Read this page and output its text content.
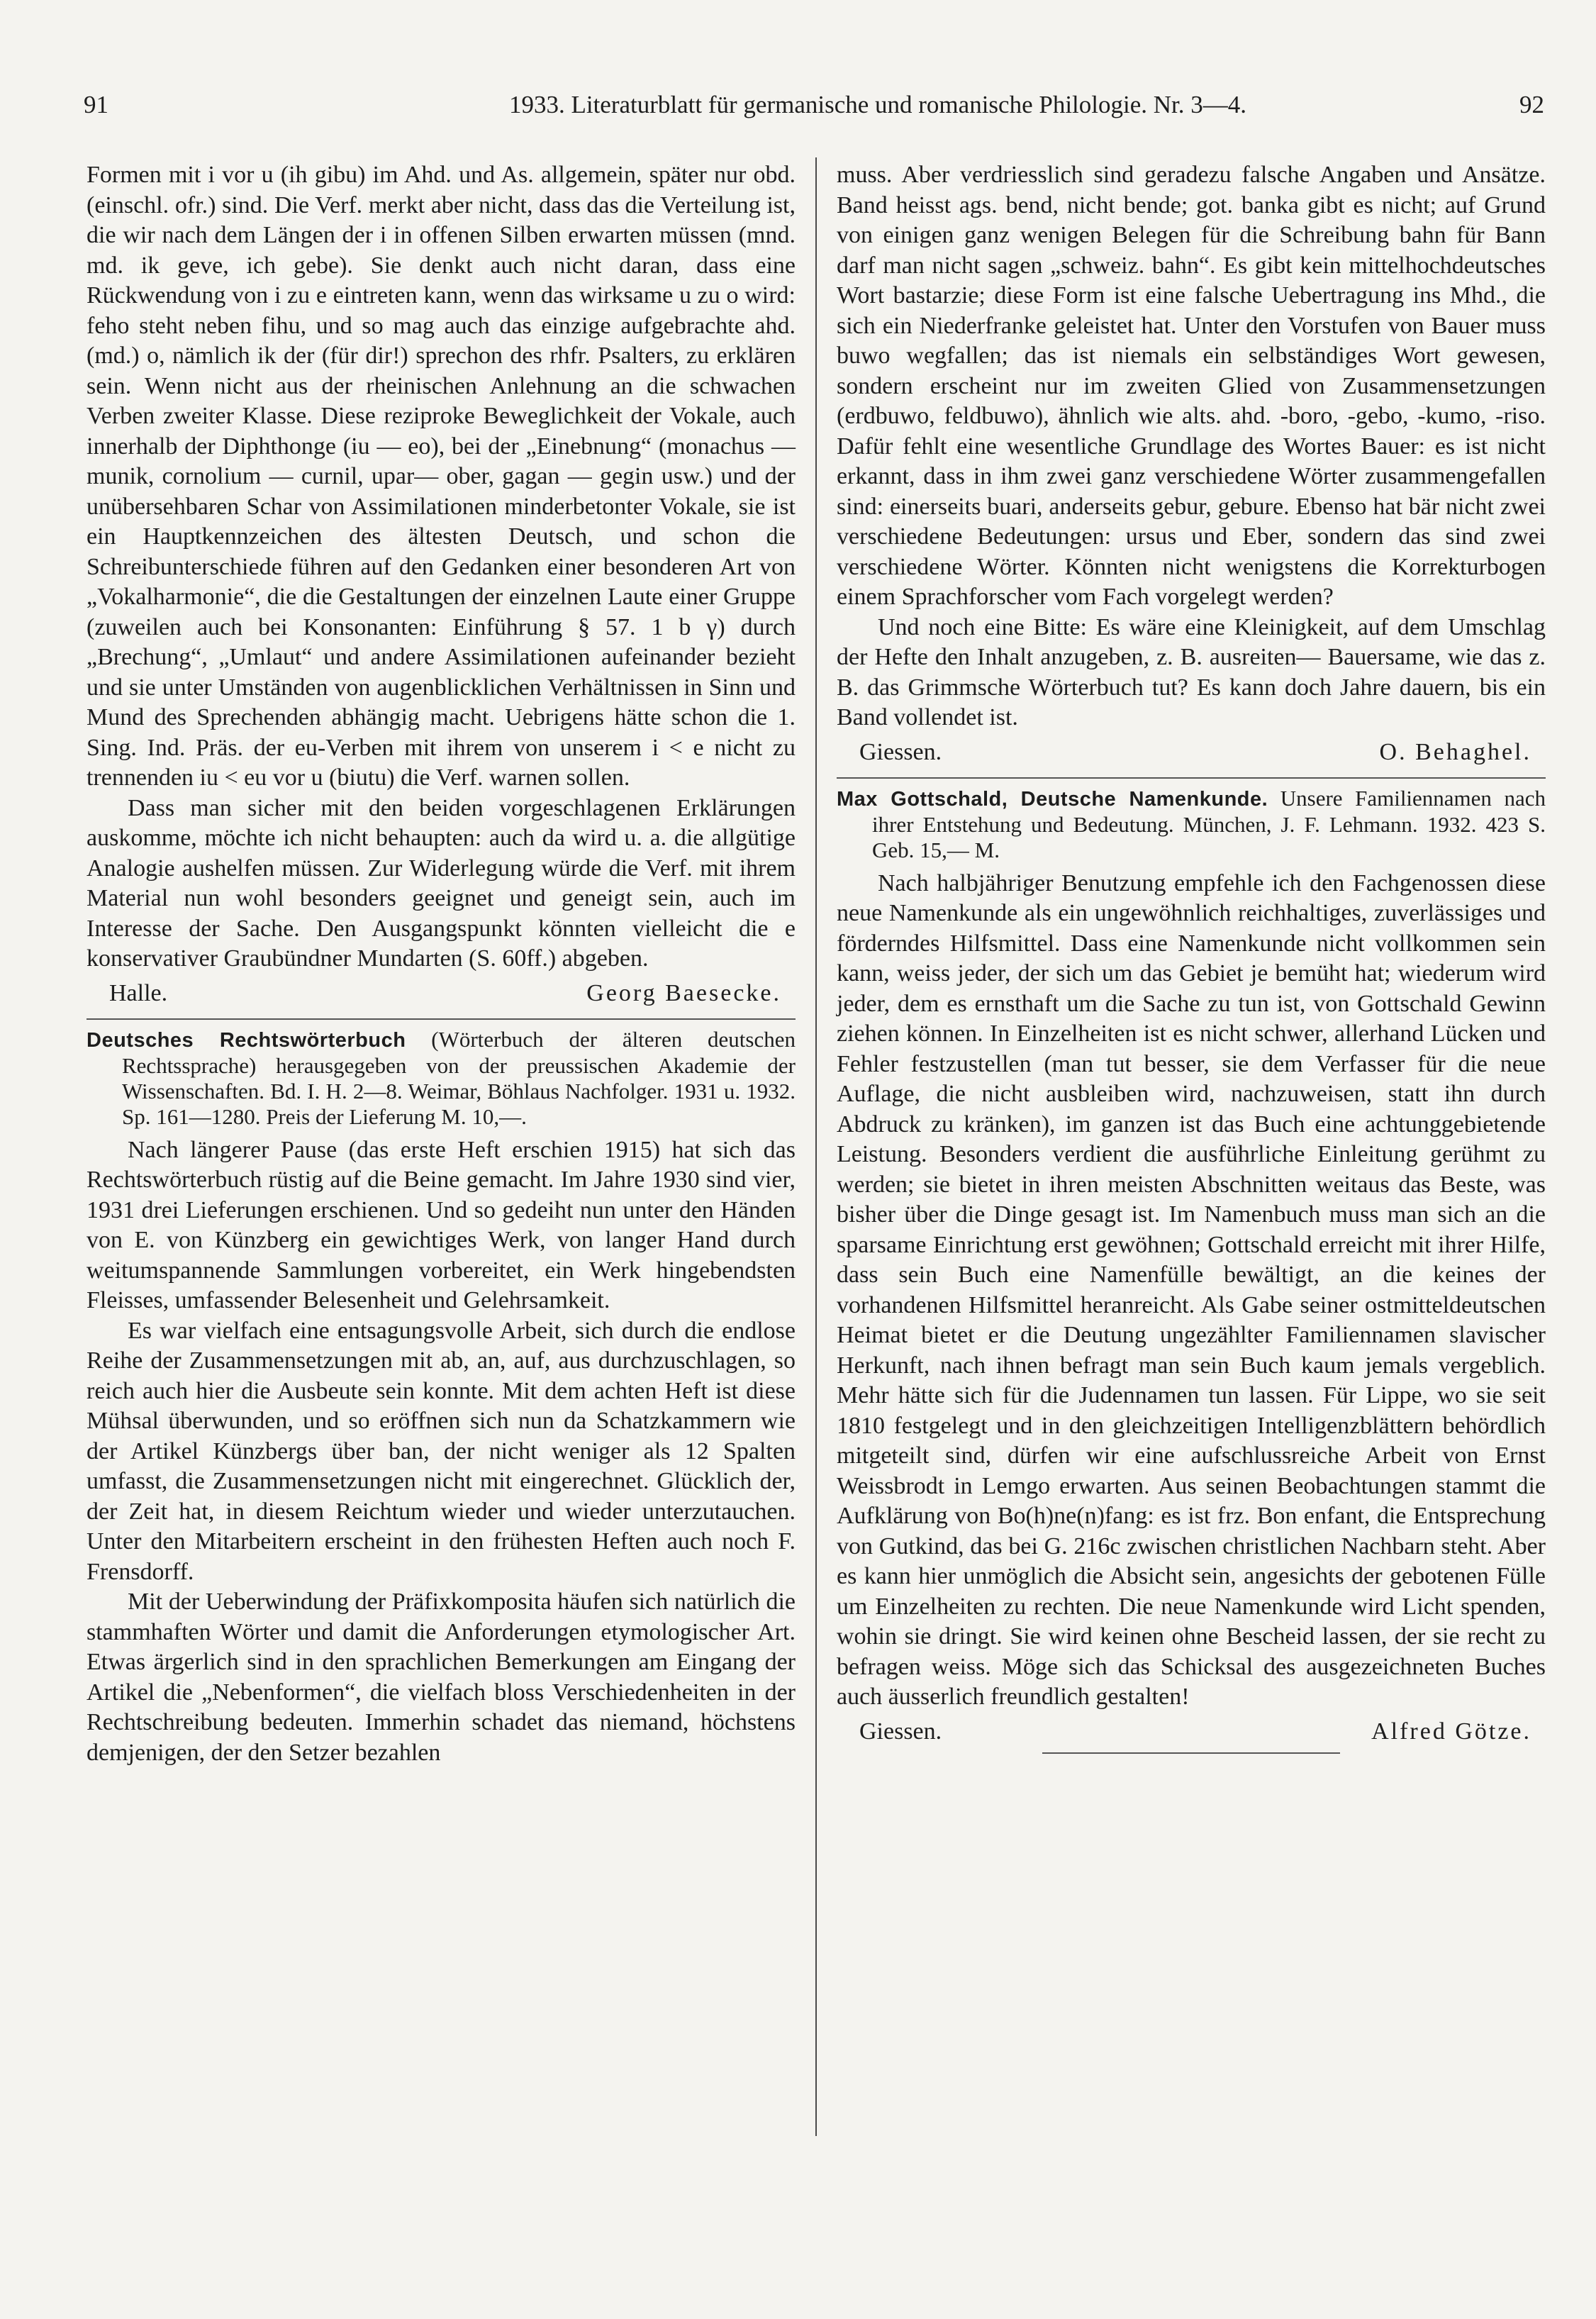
91	1933. Literaturblatt für germanische und romanische Philologie. Nr. 3—4.	92

Formen mit i vor u (ih gibu) im Ahd. und As. allgemein, später nur obd. (einschl. ofr.) sind. Die Verf. merkt aber nicht, dass das die Verteilung ist, die wir nach dem Längen der i in offenen Silben erwarten müssen (mnd. md. ik geve, ich gebe). Sie denkt auch nicht daran, dass eine Rückwendung von i zu e eintreten kann, wenn das wirksame u zu o wird: feho steht neben fihu, und so mag auch das einzige aufgebrachte ahd. (md.) o, nämlich ik der (für dir!) sprechon des rhfr. Psalters, zu erklären sein. Wenn nicht aus der rheinischen Anlehnung an die schwachen Verben zweiter Klasse. Diese reziproke Beweglichkeit der Vokale, auch innerhalb der Diphthonge (iu — eo), bei der „Einebnung“ (monachus — munik, cornolium — curnil, upar— ober, gagan — gegin usw.) und der unübersehbaren Schar von Assimilationen minderbetonter Vokale, sie ist ein Hauptkennzeichen des ältesten Deutsch, und schon die Schreibunterschiede führen auf den Gedanken einer besonderen Art von „Vokalharmonie“, die die Gestaltungen der einzelnen Laute einer Gruppe (zuweilen auch bei Konsonanten: Einführung § 57. 1 b γ) durch „Brechung“, „Umlaut“ und andere Assimilationen aufeinander bezieht und sie unter Umständen von augenblicklichen Verhältnissen in Sinn und Mund des Sprechenden abhängig macht. Uebrigens hätte schon die 1. Sing. Ind. Präs. der eu-Verben mit ihrem von unserem i < e nicht zu trennenden iu < eu vor u (biutu) die Verf. warnen sollen.

Dass man sicher mit den beiden vorgeschlagenen Erklärungen auskomme, möchte ich nicht behaupten: auch da wird u. a. die allgütige Analogie aushelfen müssen. Zur Widerlegung würde die Verf. mit ihrem Material nun wohl besonders geeignet und geneigt sein, auch im Interesse der Sache. Den Ausgangspunkt könnten vielleicht die e konservativer Graubündner Mundarten (S. 60ff.) abgeben.

Halle.	Georg Baesecke.
Deutsches Rechtswörterbuch (Wörterbuch der älteren deutschen Rechtssprache) herausgegeben von der preussischen Akademie der Wissenschaften. Bd. I. H. 2—8. Weimar, Böhlaus Nachfolger. 1931 u. 1932. Sp. 161—1280. Preis der Lieferung M. 10,—.

Nach längerer Pause (das erste Heft erschien 1915) hat sich das Rechtswörterbuch rüstig auf die Beine gemacht. Im Jahre 1930 sind vier, 1931 drei Lieferungen erschienen. Und so gedeiht nun unter den Händen von E. von Künzberg ein gewichtiges Werk, von langer Hand durch weitumspannende Sammlungen vorbereitet, ein Werk hingebendsten Fleisses, umfassender Belesenheit und Gelehrsamkeit.

Es war vielfach eine entsagungsvolle Arbeit, sich durch die endlose Reihe der Zusammensetzungen mit ab, an, auf, aus durchzuschlagen, so reich auch hier die Ausbeute sein konnte. Mit dem achten Heft ist diese Mühsal überwunden, und so eröffnen sich nun da Schatzkammern wie der Artikel Künzbergs über ban, der nicht weniger als 12 Spalten umfasst, die Zusammensetzungen nicht mit eingerechnet. Glücklich der, der Zeit hat, in diesem Reichtum wieder und wieder unterzutauchen. Unter den Mitarbeitern erscheint in den frühesten Heften auch noch F. Frensdorff.

Mit der Ueberwindung der Präfixkomposita häufen sich natürlich die stammhaften Wörter und damit die Anforderungen etymologischer Art. Etwas ärgerlich sind in den sprachlichen Bemerkungen am Eingang der Artikel die „Nebenformen“, die vielfach bloss Verschiedenheiten in der Rechtschreibung bedeuten. Immerhin schadet das niemand, höchstens demjenigen, der den Setzer bezahlen

muss. Aber verdriesslich sind geradezu falsche Angaben und Ansätze. Band heisst ags. bend, nicht bende; got. banka gibt es nicht; auf Grund von einigen ganz wenigen Belegen für die Schreibung bahn für Bann darf man nicht sagen „schweiz. bahn“. Es gibt kein mittelhochdeutsches Wort bastarzie; diese Form ist eine falsche Uebertragung ins Mhd., die sich ein Niederfranke geleistet hat. Unter den Vorstufen von Bauer muss buwo wegfallen; das ist niemals ein selbständiges Wort gewesen, sondern erscheint nur im zweiten Glied von Zusammensetzungen (erdbuwo, feldbuwo), ähnlich wie alts. ahd. -boro, -gebo, -kumo, -riso. Dafür fehlt eine wesentliche Grundlage des Wortes Bauer: es ist nicht erkannt, dass in ihm zwei ganz verschiedene Wörter zusammengefallen sind: einerseits buari, anderseits gebur, gebure. Ebenso hat bär nicht zwei verschiedene Bedeutungen: ursus und Eber, sondern das sind zwei verschiedene Wörter. Könnten nicht wenigstens die Korrekturbogen einem Sprachforscher vom Fach vorgelegt werden?

Und noch eine Bitte: Es wäre eine Kleinigkeit, auf dem Umschlag der Hefte den Inhalt anzugeben, z. B. ausreiten— Bauersame, wie das z. B. das Grimmsche Wörterbuch tut? Es kann doch Jahre dauern, bis ein Band vollendet ist.

Giessen.	O. Behaghel.
Max Gottschald, Deutsche Namenkunde. Unsere Familiennamen nach ihrer Entstehung und Bedeutung. München, J. F. Lehmann. 1932. 423 S. Geb. 15,— M.

Nach halbjähriger Benutzung empfehle ich den Fachgenossen diese neue Namenkunde als ein ungewöhnlich reichhaltiges, zuverlässiges und förderndes Hilfsmittel. Dass eine Namenkunde nicht vollkommen sein kann, weiss jeder, der sich um das Gebiet je bemüht hat; wiederum wird jeder, dem es ernsthaft um die Sache zu tun ist, von Gottschald Gewinn ziehen können. In Einzelheiten ist es nicht schwer, allerhand Lücken und Fehler festzustellen (man tut besser, sie dem Verfasser für die neue Auflage, die nicht ausbleiben wird, nachzuweisen, statt ihn durch Abdruck zu kränken), im ganzen ist das Buch eine achtunggebietende Leistung. Besonders verdient die ausführliche Einleitung gerühmt zu werden; sie bietet in ihren meisten Abschnitten weitaus das Beste, was bisher über die Dinge gesagt ist. Im Namenbuch muss man sich an die sparsame Einrichtung erst gewöhnen; Gottschald erreicht mit ihrer Hilfe, dass sein Buch eine Namenfülle bewältigt, an die keines der vorhandenen Hilfsmittel heranreicht. Als Gabe seiner ostmitteldeutschen Heimat bietet er die Deutung ungezählter Familiennamen slavischer Herkunft, nach ihnen befragt man sein Buch kaum jemals vergeblich. Mehr hätte sich für die Judennamen tun lassen. Für Lippe, wo sie seit 1810 festgelegt und in den gleichzeitigen Intelligenzblättern behördlich mitgeteilt sind, dürfen wir eine aufschlussreiche Arbeit von Ernst Weissbrodt in Lemgo erwarten. Aus seinen Beobachtungen stammt die Aufklärung von Bo(h)ne(n)fang: es ist frz. Bon enfant, die Entsprechung von Gutkind, das bei G. 216c zwischen christlichen Nachbarn steht. Aber es kann hier unmöglich die Absicht sein, angesichts der gebotenen Fülle um Einzelheiten zu rechten. Die neue Namenkunde wird Licht spenden, wohin sie dringt. Sie wird keinen ohne Bescheid lassen, der sie recht zu befragen weiss. Möge sich das Schicksal des ausgezeichneten Buches auch äusserlich freundlich gestalten!

Giessen.	Alfred Götze.
